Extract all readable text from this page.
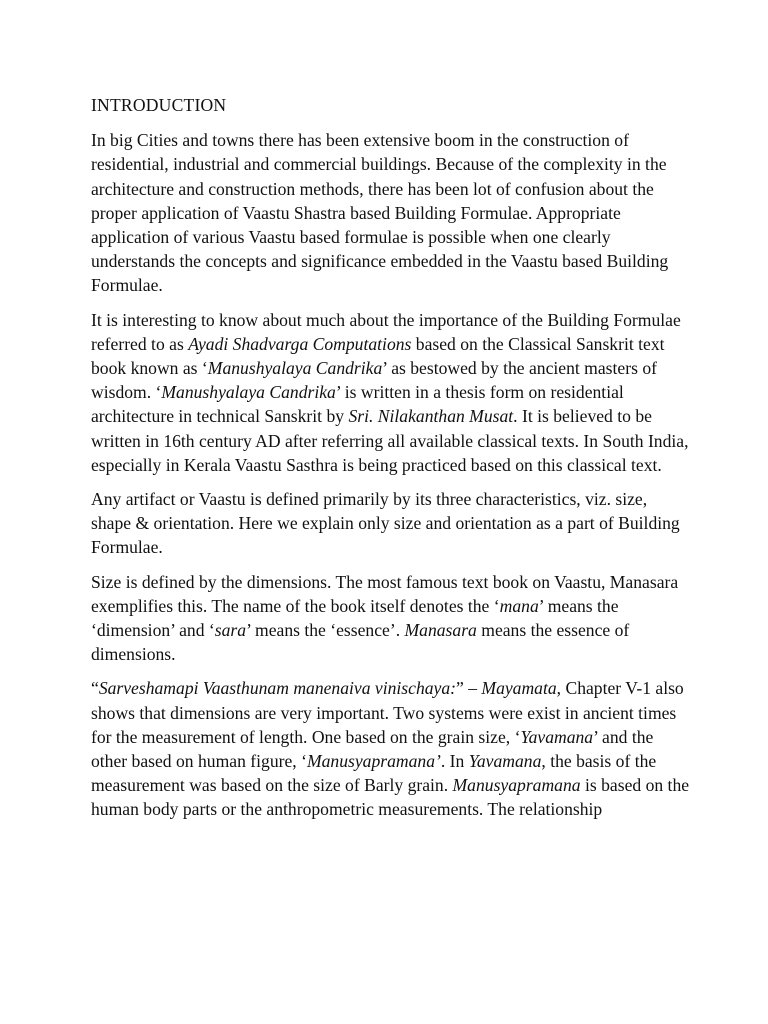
INTRODUCTION

In big Cities and towns there has been extensive boom in the construction of residential, industrial and commercial buildings. Because of the complexity in the architecture and construction methods, there has been lot of confusion about the proper application of Vaastu Shastra based Building Formulae. Appropriate application of various Vaastu based formulae is possible when one clearly understands the concepts and significance embedded in the Vaastu based Building Formulae.

It is interesting to know about much about the importance of the Building Formulae referred to as Ayadi Shadvarga Computations based on the Classical Sanskrit text book known as ‘Manushyalaya Candrika’ as bestowed by the ancient masters of wisdom. ‘Manushyalaya Candrika’ is written in a thesis form on residential architecture in technical Sanskrit by Sri. Nilakanthan Musat. It is believed to be written in 16th century AD after referring all available classical texts. In South India, especially in Kerala Vaastu Sasthra is being practiced based on this classical text.

Any artifact or Vaastu is defined primarily by its three characteristics, viz. size, shape & orientation. Here we explain only size and orientation as a part of Building Formulae.

Size is defined by the dimensions. The most famous text book on Vaastu, Manasara exemplifies this. The name of the book itself denotes the ‘mana’ means the ‘dimension’ and ‘sara’ means the ‘essence’. Manasara means the essence of dimensions.

“Sarveshamapi Vaasthunam manenaiva vinischaya:” – Mayamata, Chapter V-1 also shows that dimensions are very important. Two systems were exist in ancient times for the measurement of length. One based on the grain size, ‘Yavamana’ and the other based on human figure, ‘Manusyapramana’. In Yavamana, the basis of the measurement was based on the size of Barly grain. Manusyapramana is based on the human body parts or the anthropometric measurements. The relationship
